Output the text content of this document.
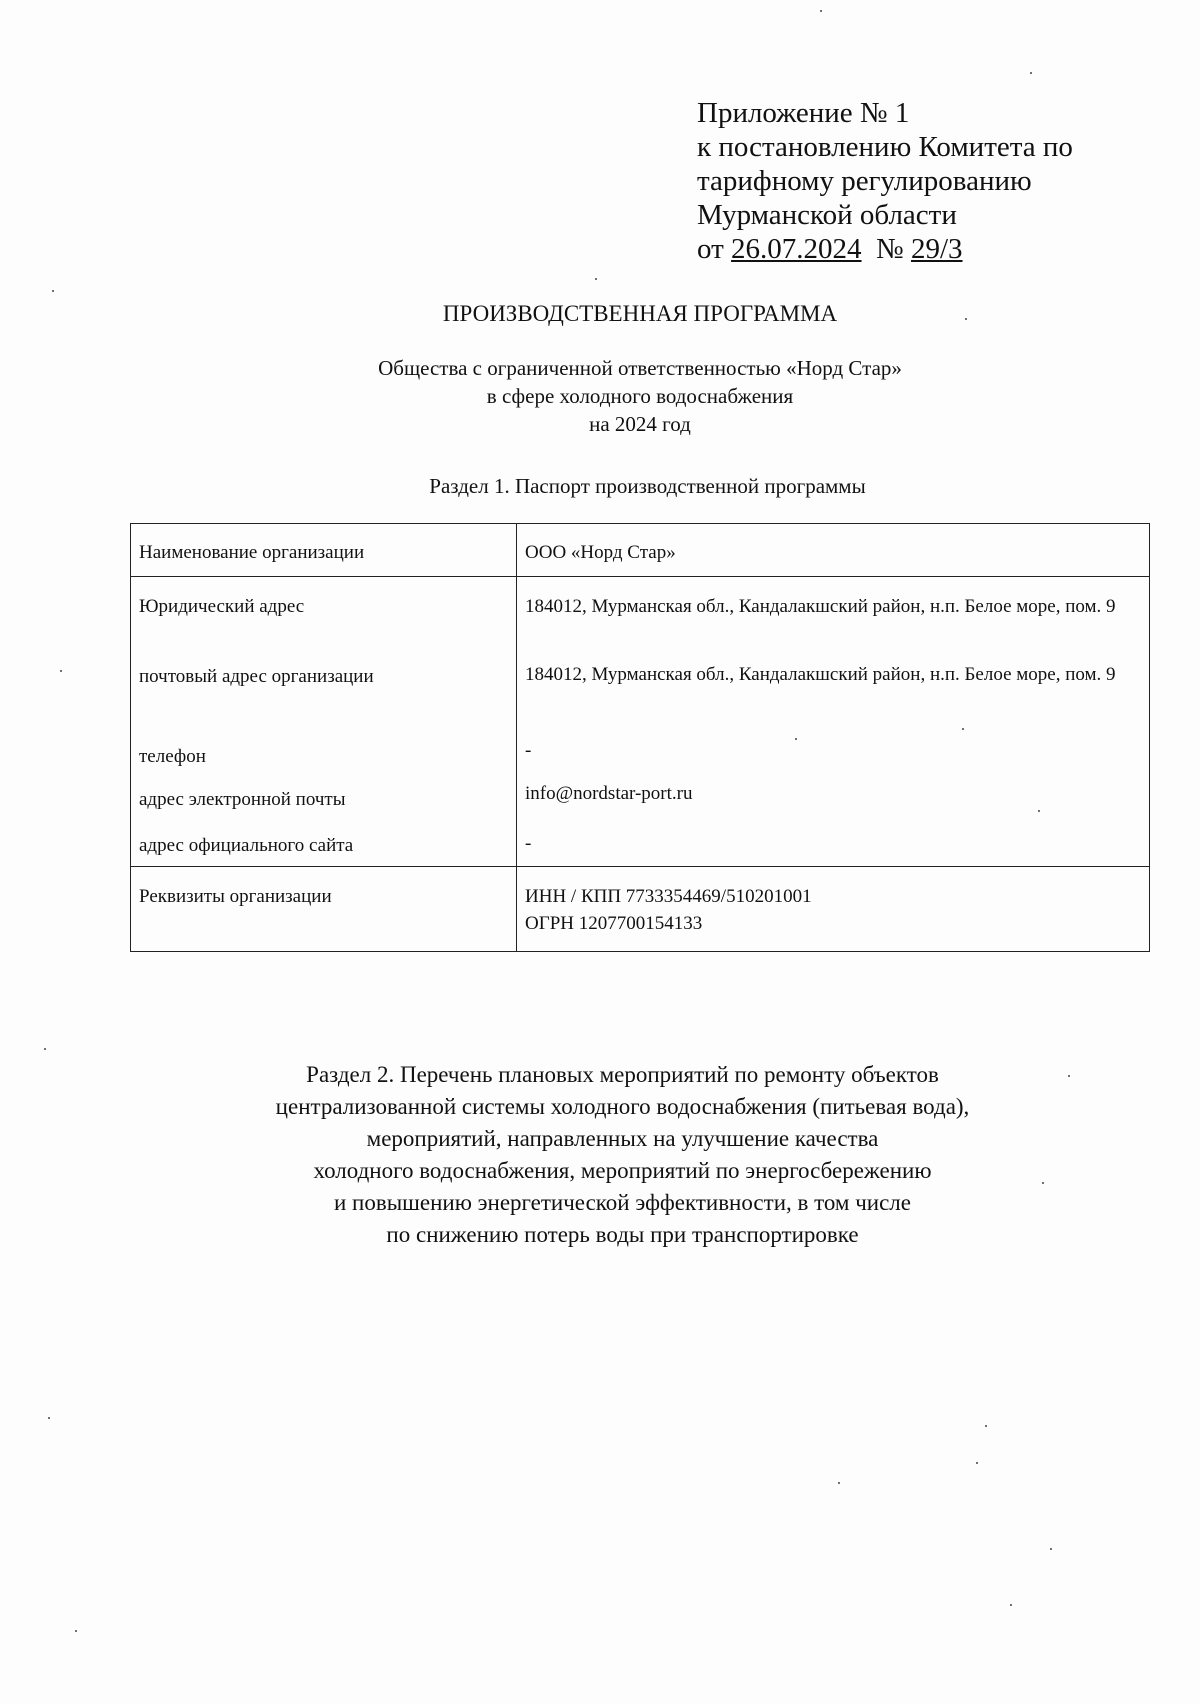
Приложение № 1
к постановлению Комитета по
тарифному регулированию
Мурманской области
от 26.07.2024 № 29/3
ПРОИЗВОДСТВЕННАЯ ПРОГРАММА
Общества с ограниченной ответственностью «Норд Стар»
в сфере холодного водоснабжения
на 2024 год
Раздел 1. Паспорт производственной программы
Наименование организации	ООО «Норд Стар»
Юридический адрес	184012, Мурманская обл., Кандалакшский район, н.п. Белое море, пом. 9
почтовый адрес организации	184012, Мурманская обл., Кандалакшский район, н.п. Белое море, пом. 9
телефон	-
адрес электронной почты	info@nordstar-port.ru
адрес официального сайта	-
Реквизиты организации	ИНН / КПП 7733354469/510201001
ОГРН 1207700154133
Раздел 2. Перечень плановых мероприятий по ремонту объектов
централизованной системы холодного водоснабжения (питьевая вода),
мероприятий, направленных на улучшение качества
холодного водоснабжения, мероприятий по энергосбережению
и повышению энергетической эффективности, в том числе
по снижению потерь воды при транспортировке
